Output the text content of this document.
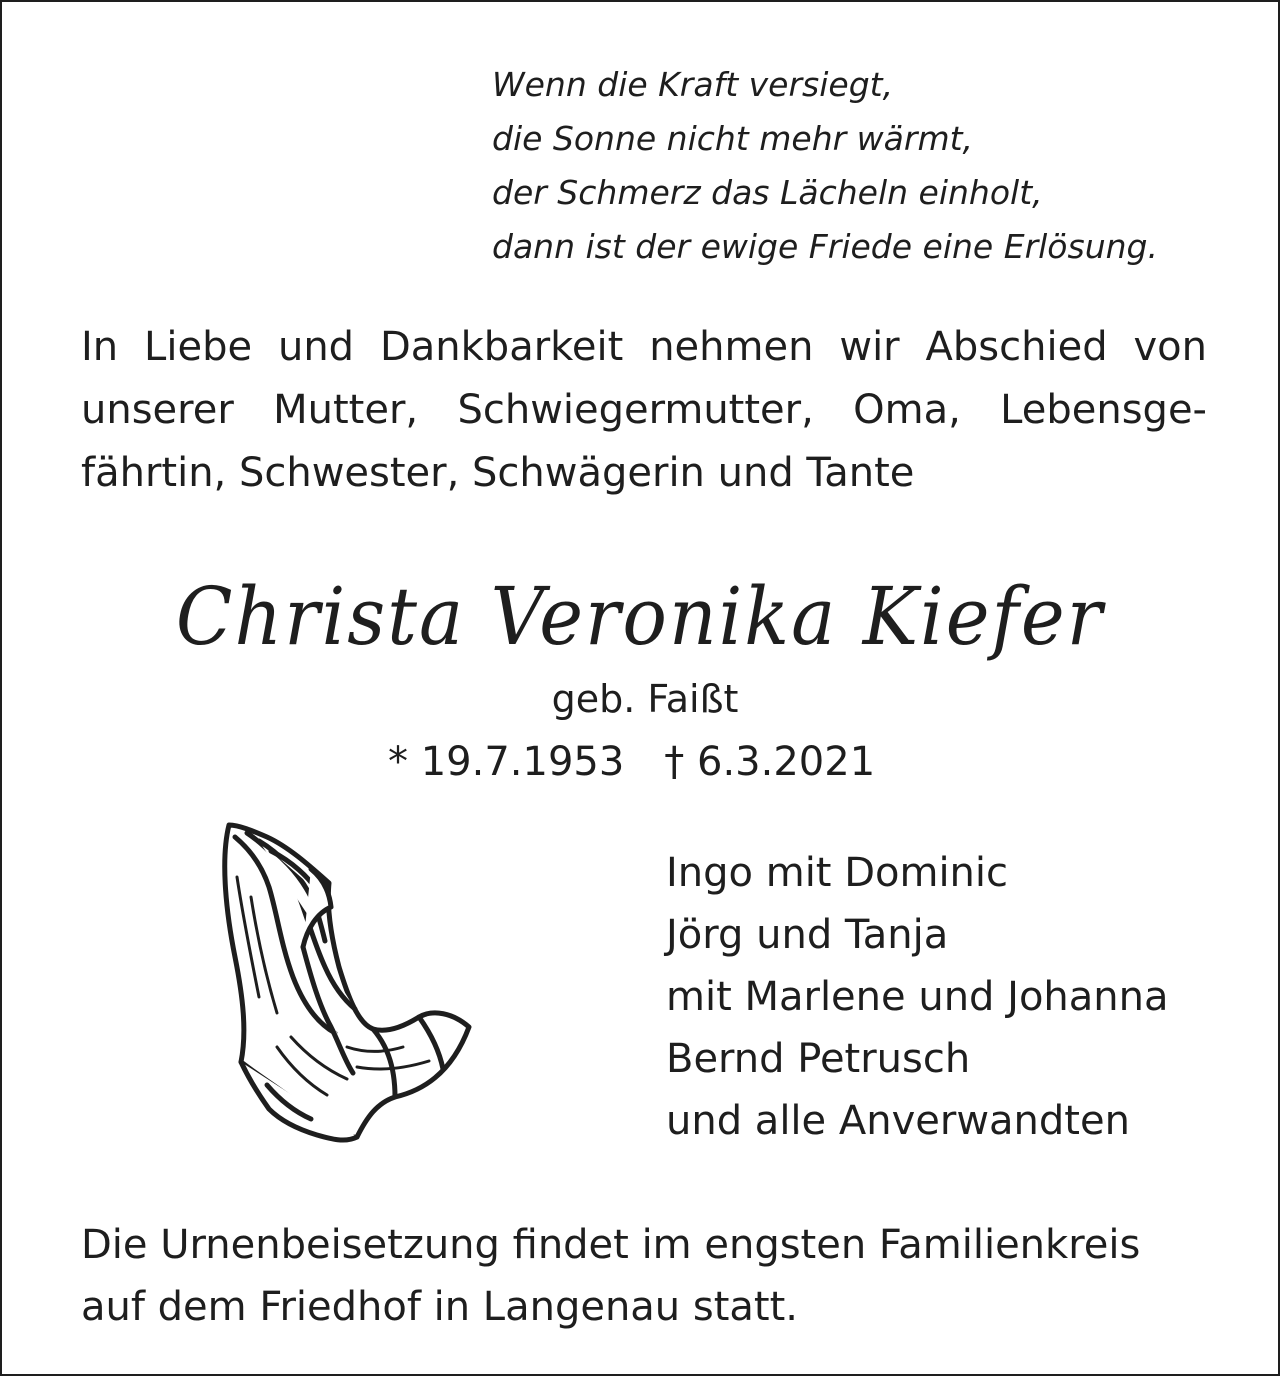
Wenn die Kraft versiegt,
die Sonne nicht mehr wärmt,
der Schmerz das Lächeln einholt,
dann ist der ewige Friede eine Erlösung.
In Liebe und Dankbarkeit nehmen wir Abschied von
unserer Mutter, Schwiegermutter, Oma, Lebensge-
fährtin, Schwester, Schwägerin und Tante
Christa Veronika Kiefer
geb. Faißt
* 19.7.1953 † 6.3.2021
Ingo mit Dominic
Jörg und Tanja
mit Marlene und Johanna
Bernd Petrusch
und alle Anverwandten
Die Urnenbeisetzung findet im engsten Familienkreis
auf dem Friedhof in Langenau statt.
